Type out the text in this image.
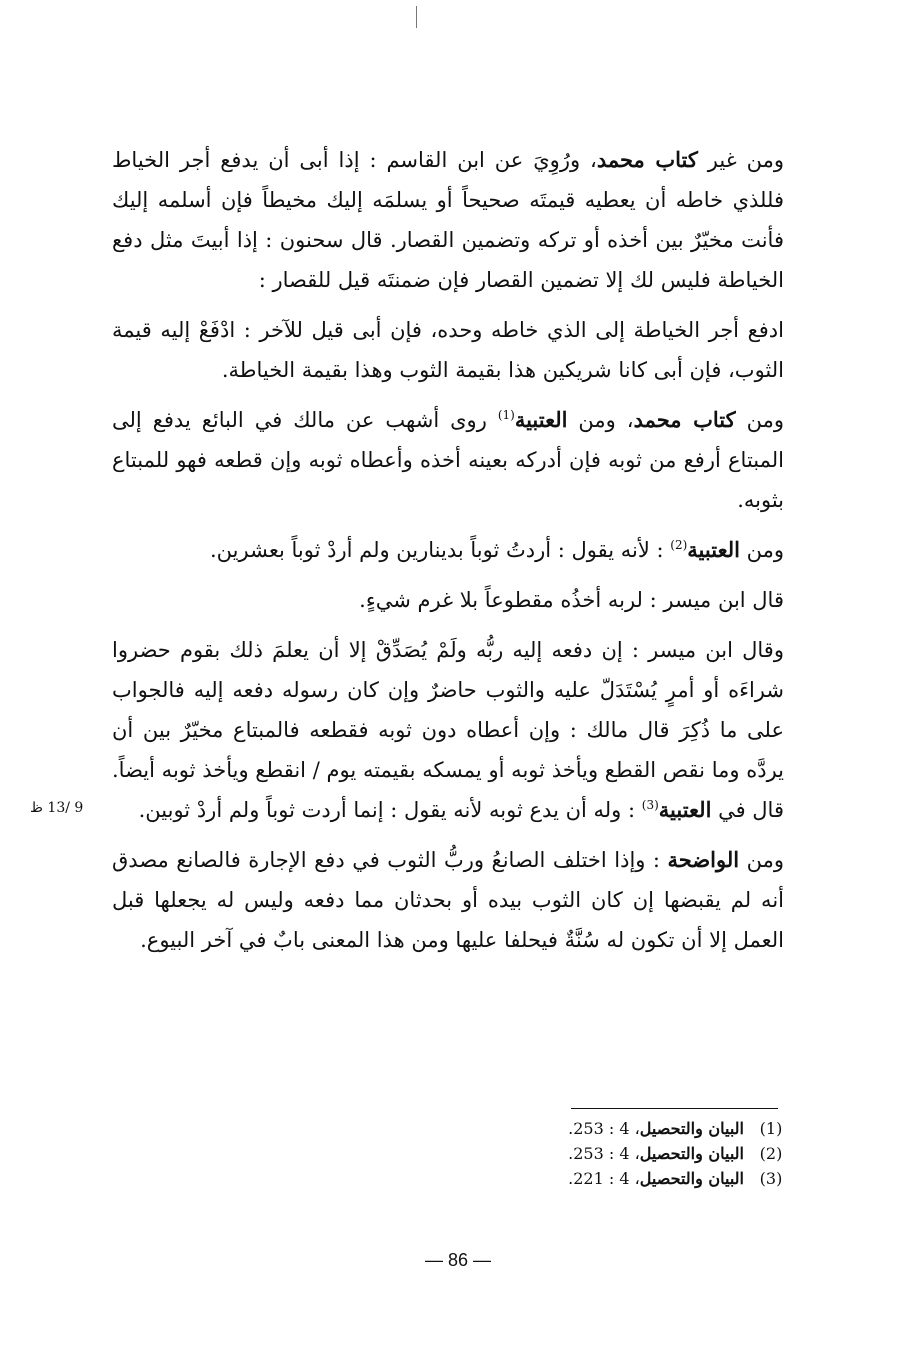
ومن غير كتاب محمد، ورُوِيَ عن ابن القاسم : إذا أبى أن يدفع أجر الخياط فللذي خاطه أن يعطيه قيمتَه صحيحاً أو يسلمَه إليك مخيطاً فإن أسلمه إليك فأنت مخيّرٌ بين أخذه أو تركه وتضمين القصار. قال سحنون : إذا أبيتَ مثل دفع الخياطة فليس لك إلا تضمين القصار فإن ضمنتَه قيل للقصار :

ادفع أجر الخياطة إلى الذي خاطه وحده، فإن أبى قيل للآخر : ادْفَعْ إليه قيمة الثوب، فإن أبى كانا شريكين هذا بقيمة الثوب وهذا بقيمة الخياطة.

ومن كتاب محمد، ومن العتبية$^{(1)}$ روى أشهب عن مالك في البائع يدفع إلى المبتاع أرفع من ثوبه فإن أدركه بعينه أخذه وأعطاه ثوبه وإن قطعه فهو للمبتاع بثوبه.

ومن العتبية$^{(2)}$ : لأنه يقول : أردتُ ثوباً بدينارين ولم أردْ ثوباً بعشرين.

قال ابن ميسر : لربه أخذُه مقطوعاً بلا غرم شيءٍ.

وقال ابن ميسر : إن دفعه إليه ربُّه ولَمْ يُصَدِّقْ إلا أن يعلمَ ذلك بقوم حضروا شراءَه أو أمرٍ يُسْتَدَلّ عليه والثوب حاضرٌ وإن كان رسوله دفعه إليه فالجواب على ما ذُكِرَ قال مالك : وإن أعطاه دون ثوبه فقطعه فالمبتاع مخيّرٌ بين أن يردَّه وما نقص القطع ويأخذ ثوبه أو يمسكه بقيمته يوم / انقطع ويأخذ ثوبه أيضاً. قال في العتبية$^{(3)}$ : وله أن يدع ثوبه لأنه يقول : إنما أردت ثوباً ولم أردْ ثوبين.

ومن الواضحة : وإذا اختلف الصانعُ وربُّ الثوب في دفع الإجارة فالصانع مصدق أنه لم يقبضها إن كان الثوب بيده أو بحدثان مما دفعه وليس له يجعلها قبل العمل إلا أن تكون له سُنَّةٌ فيحلفا عليها ومن هذا المعنى بابٌ في آخر البيوع.

9 /13 ظ
(1)
البيان والتحصيل، 4 : 253.
(2)
البيان والتحصيل، 4 : 253.
(3)
البيان والتحصيل، 4 : 221.
— 86 —
